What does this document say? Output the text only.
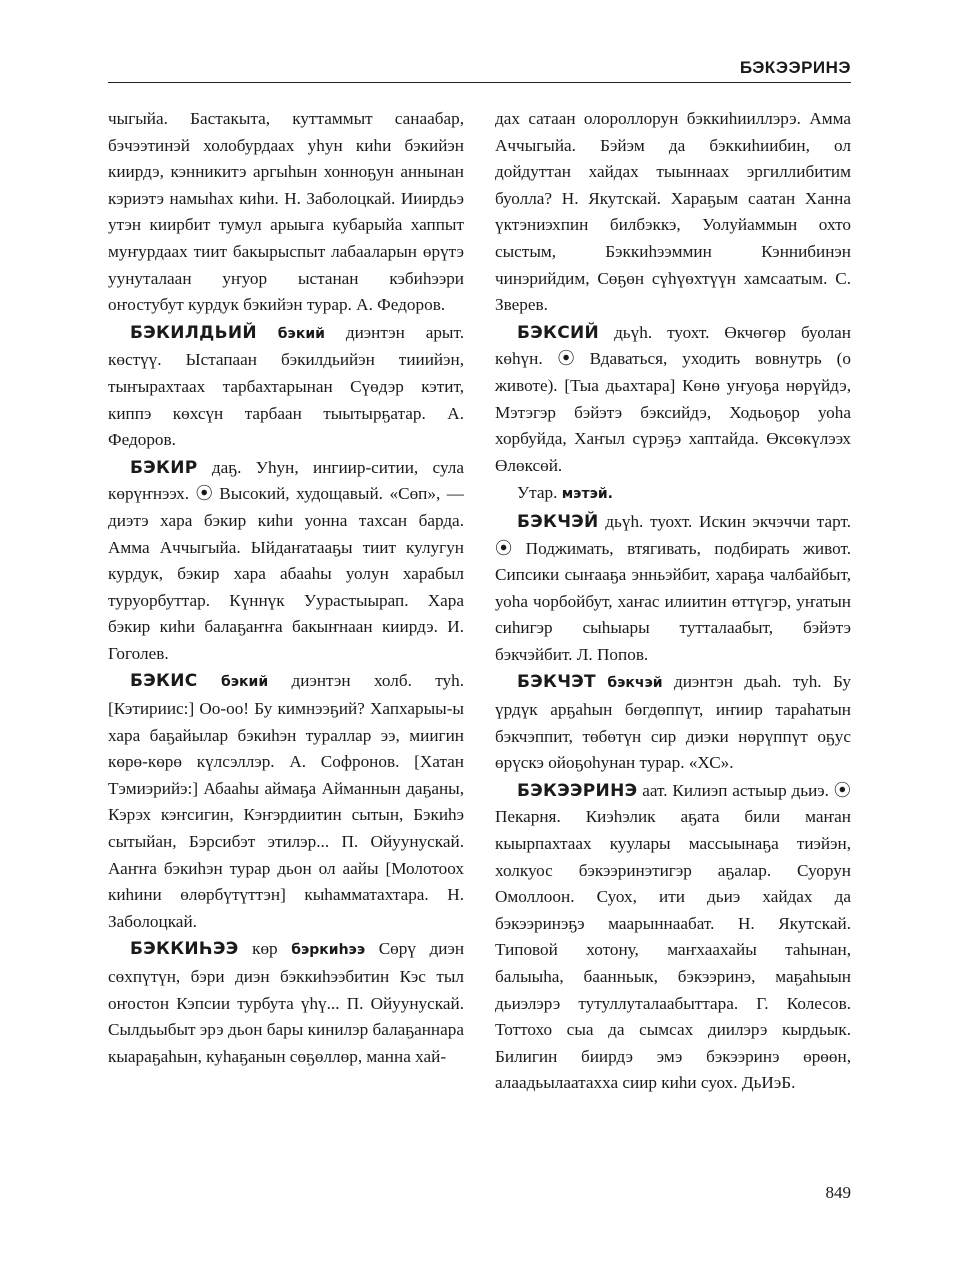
БЭКЭЭРИНЭ

чыгыйа. Бастакыта, куттаммыт санаабар, бэчээтинэй холобурдаах уһун киһи бэкийэн киирдэ, кэнникитэ аргыһын хонноҕун аннынан кэриэтэ намыһах киһи. Н. Заболоцкай. Ииирдьэ утэн киирбит тумул арыыга кубарыйа хаппыт муҥурдаах тиит бакырыспыт лабааларын өрүтэ уунуталаан уҥуор ыстанан кэбиһээри оҥостубут курдук бэкийэн турар. А. Федоров.

БЭКИЛДЬИЙ бэкий диэнтэн арыт. көстүү. Ыстапаан бэкилдьийэн тииийэн, тыҥырахтаах тарбахтарынан Сүөдэр кэтит, киппэ көхсүн тарбаан тыытырҕатар. А. Федоров.

БЭКИР даҕ. Уһун, ингиир-ситии, сула көрүҥнээх. ⦿ Высокий, худощавый. «Сөп», — диэтэ хара бэкир киһи уонна тахсан барда. Амма Аччыгыйа. Ыйдаҥатааҕы тиит кулугун курдук, бэкир хара абааһы уолун харабыл туруорбуттар. Күннүк Уурастыырап. Хара бэкир киһи балаҕаҥҥа бакыҥнаан киирдэ. И. Гоголев.

БЭКИС бэкий диэнтэн холб. туһ. [Кэтириис:] Оо-оо! Бу кимнээҕий? Хапхарыы-ы хара баҕайылар бэкиһэн тураллар ээ, миигин көрө-көрө күлсэллэр. А. Софронов. [Хатан Тэмиэрийэ:] Абааһы аймаҕа Айманнын даҕаны, Кэрэх кэҥсигин, Кэҥэрдиитин сытын, Бэкиһэ сытыйан, Бэрсибэт этилэр... П. Ойуунускай. Ааҥҥа бэкиһэн турар дьон ол аайы [Молотоох киһини өлөрбүтүттэн] кыһамматахтара. Н. Заболоцкай.

БЭККИҺЭЭ көр бэркиһээ Сөрү диэн сөхпүтүн, бэри диэн бэккиһээбитин Кэс тыл оҥостон Кэпсии турбута үһү... П. Ойуунускай. Сылдьыбыт эрэ дьон бары кинилэр балаҕаннара кыараҕаһын, куһаҕанын сөҕөллөр, манна хай-

дах сатаан олороллорун бэккиһииллэрэ. Амма Аччыгыйа. Бэйэм да бэккиһиибин, ол дойдуттан хайдах тыыннаах эргиллибитим буолла? Н. Якутскай. Хараҕым саатан Ханна үктэниэхпин билбэккэ, Уолуйаммын охто сыстым, Бэккиһээммин Кэннибинэн чинэрийдим, Сөҕөн сүһүөхтүүн хамсаатым. С. Зверев.

БЭКСИЙ дьүһ. туохт. Өкчөгөр буолан көһүн. ⦿ Вдаваться, уходить вовнутрь (о животе). [Тыа дьахтара] Көнө уҥуоҕа нөрүйдэ, Мэтэгэр бэйэтэ бэксийдэ, Ходьоҕор уоһа хорбуйда, Хаҥыл сүрэҕэ хаптайда. Өксөкүлээх Өлөксөй.

Утар. мэтэй.

БЭКЧЭЙ дьүһ. туохт. Искин экчэччи тарт. ⦿ Поджимать, втягивать, подбирать живот. Сипсики сыҥааҕа энньэйбит, хараҕа чалбайбыт, уоһа чорбойбут, хаҥас илиитин өттүгэр, уҥатын сиһигэр сыһыары тутталаабыт, бэйэтэ бэкчэйбит. Л. Попов.

БЭКЧЭТ бэкчэй диэнтэн дьаһ. туһ. Бу үрдүк арҕаһын бөгдөппүт, иҥиир тараһатын бэкчэппит, төбөтүн сир диэки нөрүппүт оҕус өрүскэ ойоҕоһунан турар. «ХС».

БЭКЭЭРИНЭ аат. Килиэп астыыр дьиэ. ⦿ Пекарня. Киэһэлик аҕата били маҥан кыырпахтаах куулары массыынаҕа тиэйэн, холкуос бэкээринэтигэр аҕалар. Суорун Омоллоон. Суох, ити дьиэ хайдах да бэкээринэҕэ маарыннаабат. Н. Якутскай. Типовой хотону, маҥхаахайы таһынан, балыыһа, баанньык, бэкээринэ, маҕаһыын дьиэлэрэ тутуллуталаабыттара. Г. Колесов. Тоттохо сыа да сымсах диилэрэ кырдьык. Билигин биирдэ эмэ бэкээринэ өрөөн, алаадьылаатахха сиир киһи суох. ДьИэБ.

849
